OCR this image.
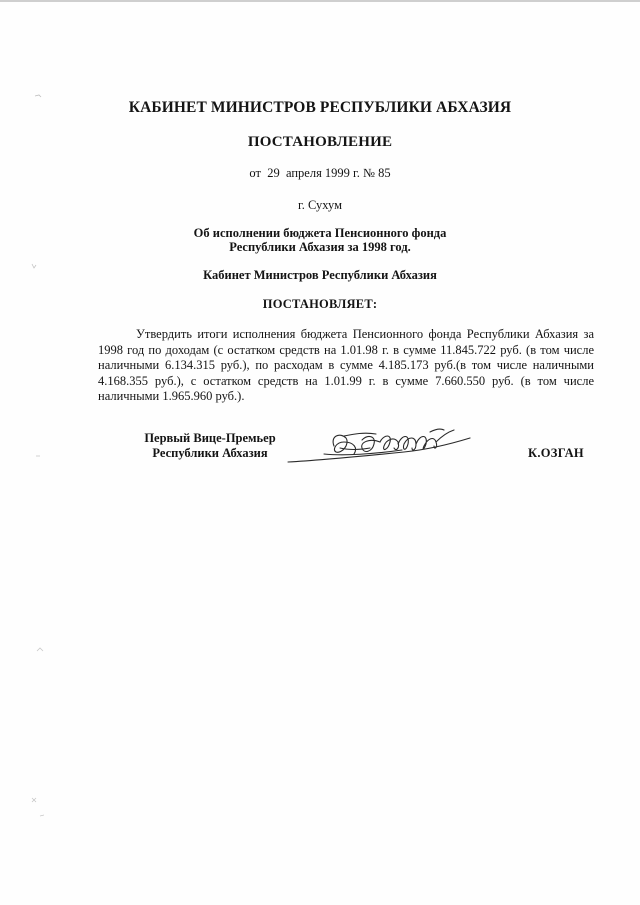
КАБИНЕТ МИНИСТРОВ РЕСПУБЛИКИ АБХАЗИЯ
ПОСТАНОВЛЕНИЕ
от  29  апреля 1999 г. № 85
г. Сухум
Об исполнении бюджета Пенсионного фонда
Республики Абхазия за 1998 год.
Кабинет Министров Республики Абхазия
ПОСТАНОВЛЯЕТ:
Утвердить итоги исполнения бюджета Пенсионного фонда Республики Абхазия за 1998 год по доходам (с остатком средств на 1.01.98 г. в сумме 11.845.722 руб. (в том числе наличными 6.134.315 руб.), по расходам в сумме 4.185.173 руб.(в том числе наличными 4.168.355 руб.), с остатком средств на 1.01.99 г. в сумме 7.660.550 руб. (в том числе наличными 1.965.960 руб.).
Первый Вице-Премьер
Республики Абхазия	К.ОЗГАН
